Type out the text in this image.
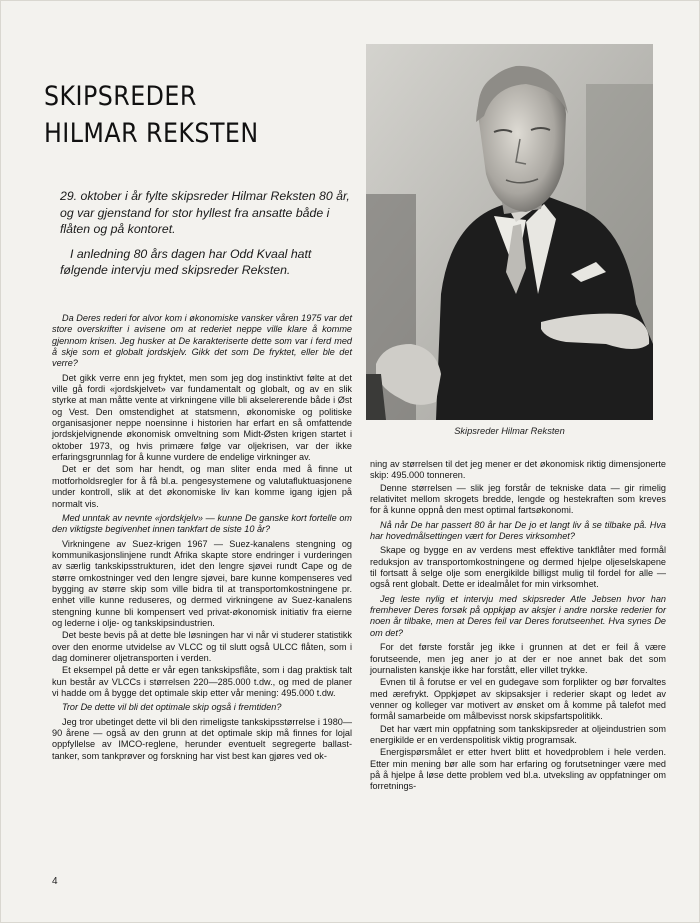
SKIPSREDER
HILMAR REKSTEN
Skipsreder Hilmar Reksten

29. oktober i år fylte skipsreder Hilmar Reksten 80 år, og var gjenstand for stor hyllest fra ansatte både i flåten og på kontoret.

I anledning 80 års dagen har Odd Kvaal hatt følgende intervju med skipsreder Reksten.

Da Deres rederi for alvor kom i økonomiske vansker våren 1975 var det store overskrifter i avisene om at rederiet neppe ville klare å komme gjennom krisen. Jeg husker at De karakteriserte dette som var i ferd med å skje som et globalt jordskjelv. Gikk det som De fryktet, eller ble det verre?

Det gikk verre enn jeg fryktet, men som jeg dog instinktivt følte at det ville gå fordi «jordskjelvet» var fundamentalt og globalt, og av en slik styrke at man måtte vente at virkningene ville bli akselererende både i Øst og Vest. Den omstendighet at statsmenn, økonomiske og politiske organisasjoner neppe noensinne i historien har erfart en så omfattende jordskjelvignende økonomisk omveltning som Midt-Østen krigen startet i oktober 1973, og hvis primære følge var oljekrisen, var der ikke erfaringsgrunnlag for å kunne vurdere de endelige virkninger av.

Det er det som har hendt, og man sliter enda med å finne ut motforholdsregler for å få bl.a. pengesystemene og valutafluktuasjonene under kontroll, slik at det økonomiske liv kan komme igang igjen på normalt vis.

Med unntak av nevnte «jordskjelv» — kunne De ganske kort fortelle om den viktigste begivenhet innen tankfart de siste 10 år?

Virkningene av Suez-krigen 1967 — Suez-kanalens stengning og kommunikasjonslinjene rundt Afrika skapte store endringer i vurderingen av særlig tankskipsstrukturen, idet den lengre sjøvei rundt Cape og de større omkostninger ved den lengre sjøvei, bare kunne kompenseres ved bygging av større skip som ville bidra til at transportomkostningene pr. enhet ville kunne reduseres, og dermed virkningene av Suez-kanalens stengning kunne bli kompensert ved privat-økonomisk initiativ fra eierne og lederne i olje- og tankskipsindustrien.

Det beste bevis på at dette ble løsningen har vi når vi studerer statistikk over den enorme utvidelse av VLCC og til slutt også ULCC flåten, som i dag dominerer oljetransporten i verden.

Et eksempel på dette er vår egen tankskipsflåte, som i dag praktisk talt kun består av VLCCs i størrelsen 220—285.000 t.dw., og med de planer vi hadde om å bygge det optimale skip etter vår mening: 495.000 t.dw.

Tror De dette vil bli det optimale skip også i fremtiden?

Jeg tror ubetinget dette vil bli den rimeligste tankskipsstørrelse i 1980—90 årene — også av den grunn at det optimale skip må finnes for lojal oppfyllelse av IMCO-reglene, herunder eventuelt segregerte ballast-tanker, som tankprøver og forskning har vist best kan gjøres ved ok-

ning av størrelsen til det jeg mener er det økonomisk riktig dimensjonerte skip: 495.000 tonneren.

Denne størrelsen — slik jeg forstår de tekniske data — gir rimelig relativitet mellom skrogets bredde, lengde og hestekraften som kreves for å kunne oppnå den mest optimal fartsøkonomi.

Nå når De har passert 80 år har De jo et langt liv å se tilbake på. Hva har hovedmålsettingen vært for Deres virksomhet?

Skape og bygge en av verdens mest effektive tankflåter med formål reduksjon av transportomkostningene og dermed hjelpe oljeselskapene til fortsatt å selge olje som energikilde billigst mulig til fordel for alle — også rent globalt. Dette er idealmålet for min virksomhet.

Jeg leste nylig et intervju med skipsreder Atle Jebsen hvor han fremhever Deres forsøk på oppkjøp av aksjer i andre norske rederier for noen år tilbake, men at Deres feil var Deres forutseenhet. Hva synes De om det?

For det første forstår jeg ikke i grunnen at det er feil å være forutseende, men jeg aner jo at der er noe annet bak det som journalisten kanskje ikke har forstått, eller villet trykke.

Evnen til å forutse er vel en gudegave som forplikter og bør forvaltes med ærefrykt. Oppkjøpet av skipsaksjer i rederier skapt og ledet av venner og kolleger var motivert av ønsket om å komme på talefot med formål samarbeide om målbevisst norsk skipsfartspolitikk.

Det har vært min oppfatning som tankskipsreder at oljeindustrien som energikilde er en verdenspolitisk viktig programsak.

Energispørsmålet er etter hvert blitt et hovedproblem i hele verden. Etter min mening bør alle som har erfaring og forutsetninger være med på å hjelpe å løse dette problem ved bl.a. utveksling av oppfatninger om forretnings-

4
